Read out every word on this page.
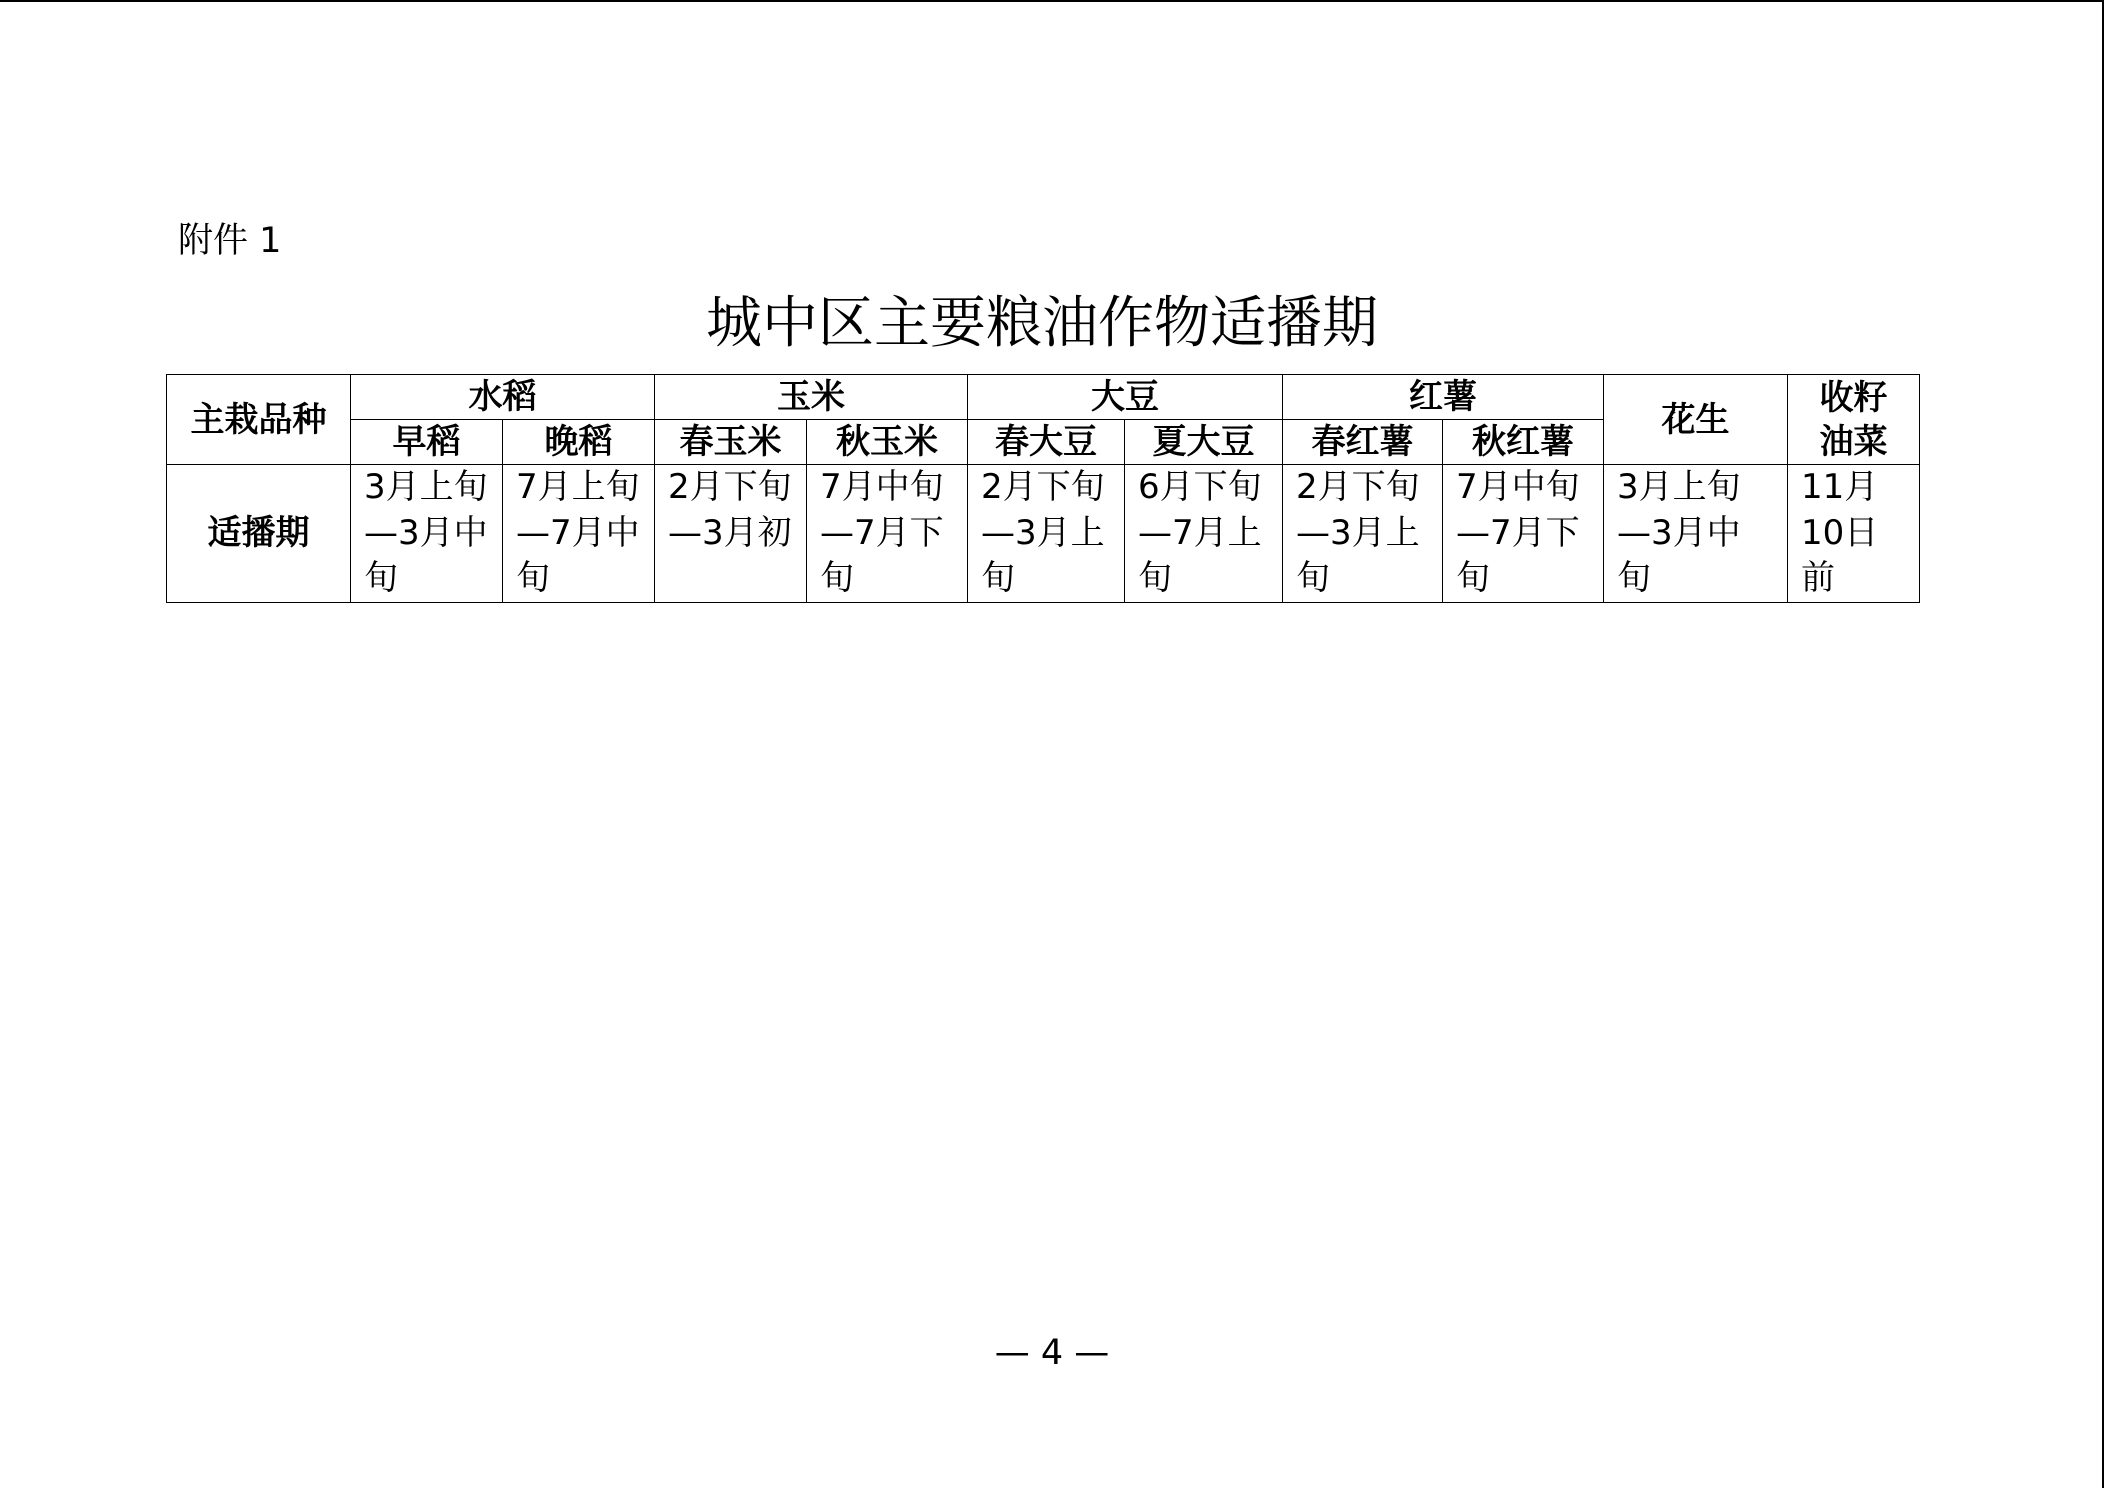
附件 1
城中区主要粮油作物适播期
主栽品种	水稻		玉米		大豆		红薯		花生	收籽
油菜

	早稻	晚稻	春玉米	秋玉米	春大豆	夏大豆	春红薯	秋红薯		
适播期	3月上旬
—3月中
旬	7月上旬
—7月中
旬	2月下旬
—3月初	7月中旬
—7月下
旬	2月下旬
—3月上
旬	6月下旬
—7月上
旬	2月下旬
—3月上
旬	7月中旬
—7月下
旬	3月上旬
—3月中
旬	11月
10日
前
— 4 —
